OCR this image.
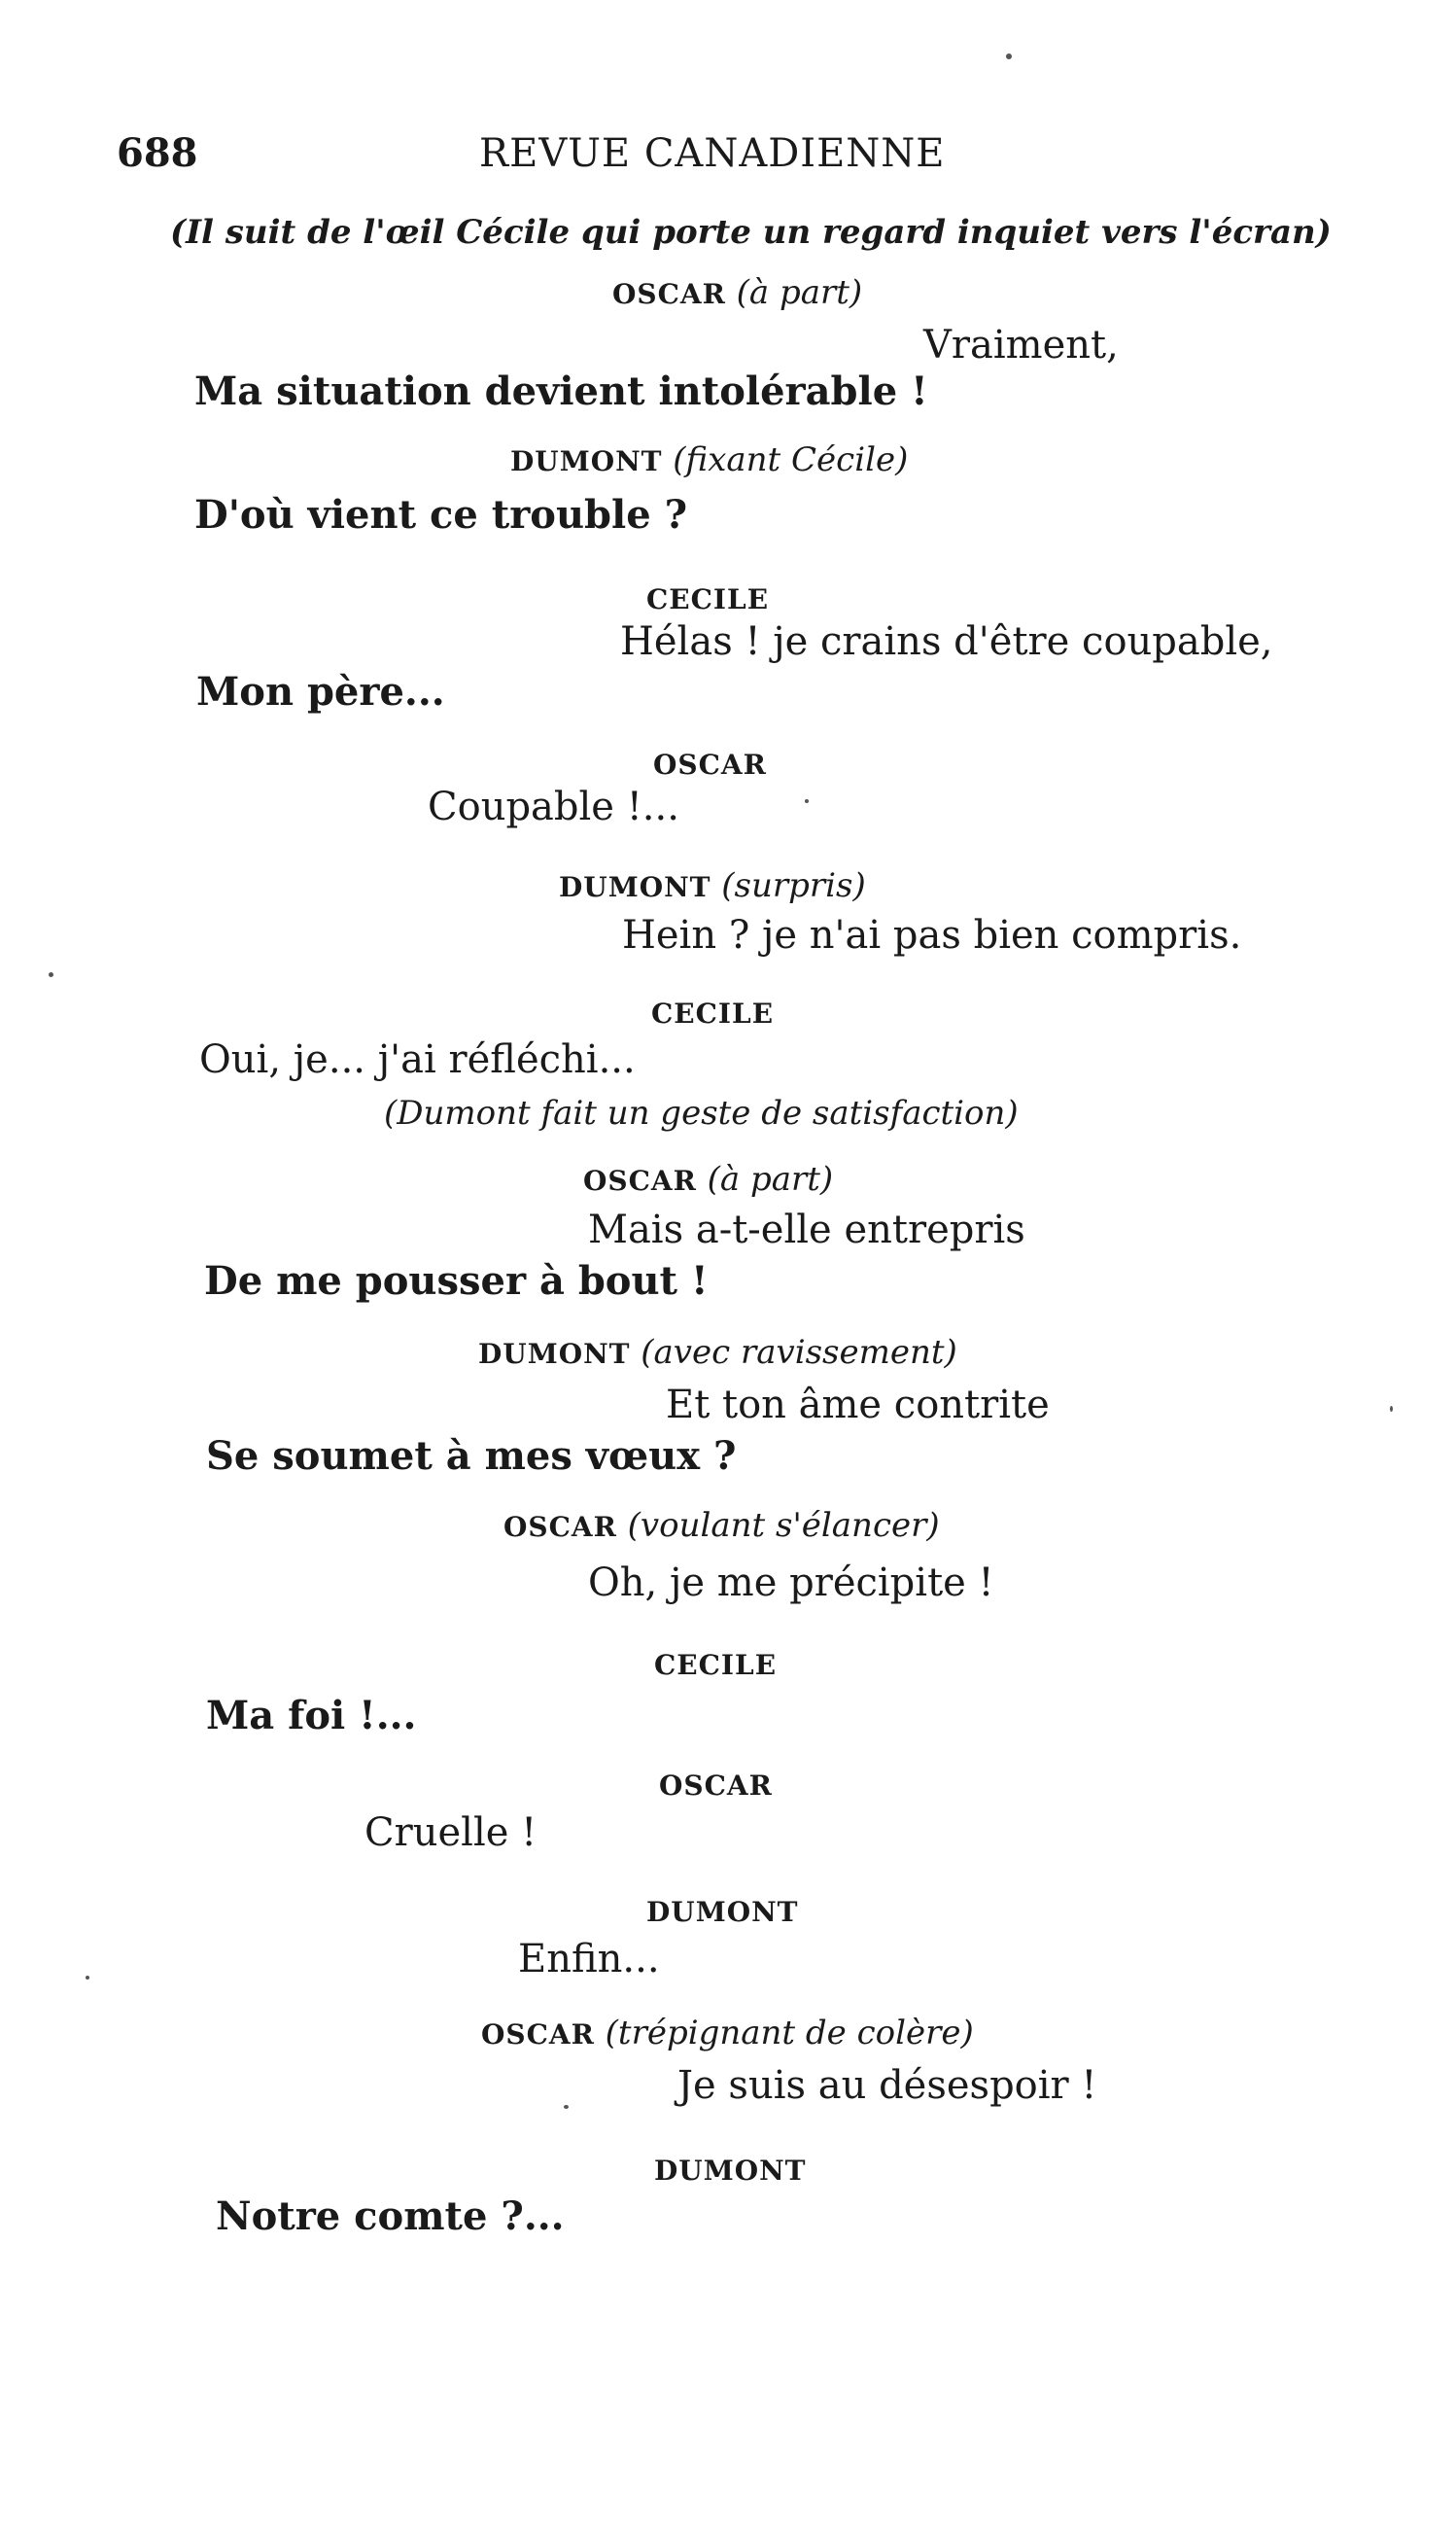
688	REVUE CANADIENNE
(Il suit de l'œil Cécile qui porte un regard inquiet vers l'écran)
OSCAR (à part)
Vraiment,
Ma situation devient intolérable !
DUMONT (fixant Cécile)
D'où vient ce trouble ?
CECILE
Hélas ! je crains d'être coupable,
Mon père...
OSCAR
Coupable !...
DUMONT (surpris)
Hein ? je n'ai pas bien compris.
CECILE
Oui, je... j'ai réfléchi...
(Dumont fait un geste de satisfaction)
OSCAR (à part)
Mais a-t-elle entrepris
De me pousser à bout !
DUMONT (avec ravissement)
Et ton âme contrite
Se soumet à mes vœux ?
OSCAR (voulant s'élancer)
Oh, je me précipite !
CECILE
Ma foi !...
OSCAR
Cruelle !
DUMONT
Enfin...
OSCAR (trépignant de colère)
Je suis au désespoir !
DUMONT
Notre comte ?...
